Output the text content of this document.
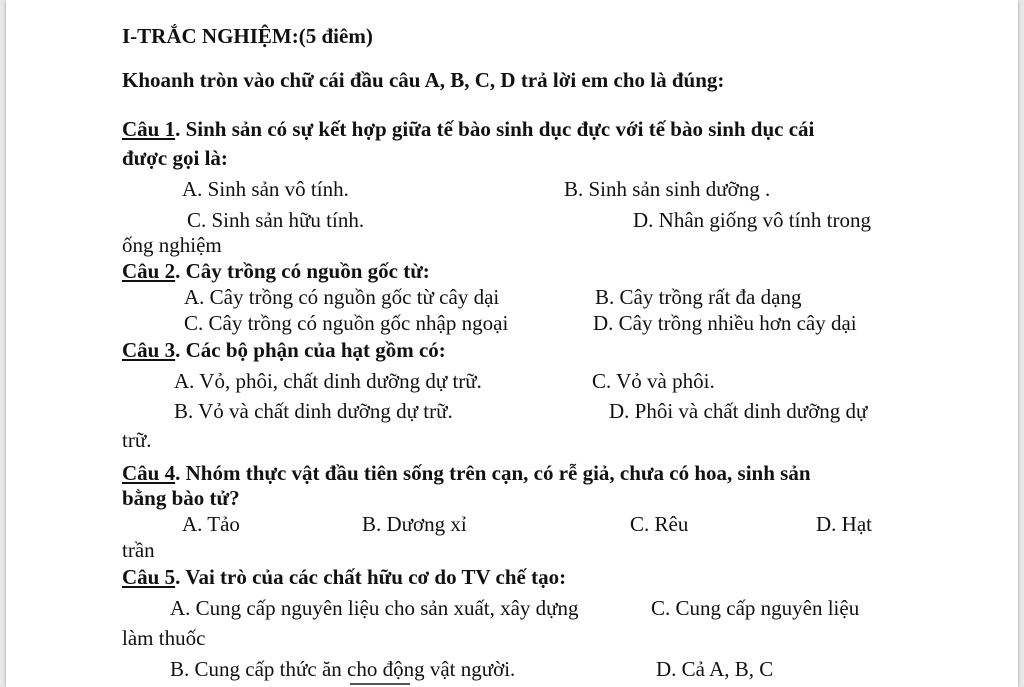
I-TRẮC NGHIỆM:(5 điêm)
Khoanh tròn vào chữ cái đầu câu A, B, C, D trả lời em cho là đúng:
Câu 1. Sinh sản có sự kết hợp giữa tế bào sinh dục đực với tế bào sinh dục cái
được gọi là:
A. Sinh sản vô tính.	B. Sinh sản sinh dưỡng .
C. Sinh sản hữu tính.	D. Nhân giống vô tính trong
ống nghiệm
Câu 2. Cây trồng có nguồn gốc từ:
A. Cây trồng có nguồn gốc từ cây dại	B. Cây trồng rất đa dạng
C. Cây trồng có nguồn gốc nhập ngoại	D. Cây trồng nhiều hơn cây dại
Câu 3. Các bộ phận của hạt gồm có:
A. Vỏ, phôi, chất dinh dưỡng dự trữ.	C. Vỏ và phôi.
B. Vỏ và chất dinh dưỡng dự trữ.	D. Phôi và chất dinh dưỡng dự
trữ.
Câu 4. Nhóm thực vật đầu tiên sống trên cạn, có rễ giả, chưa có hoa, sinh sản
bằng bào tử?
A. Tảo	B. Dương xỉ	C. Rêu	D. Hạt
trần
Câu 5. Vai trò của các chất hữu cơ do TV chế tạo:
A. Cung cấp nguyên liệu cho sản xuất, xây dựng	C. Cung cấp nguyên liệu
làm thuốc
B. Cung cấp thức ăn cho động vật người.	D. Cả A, B, C
